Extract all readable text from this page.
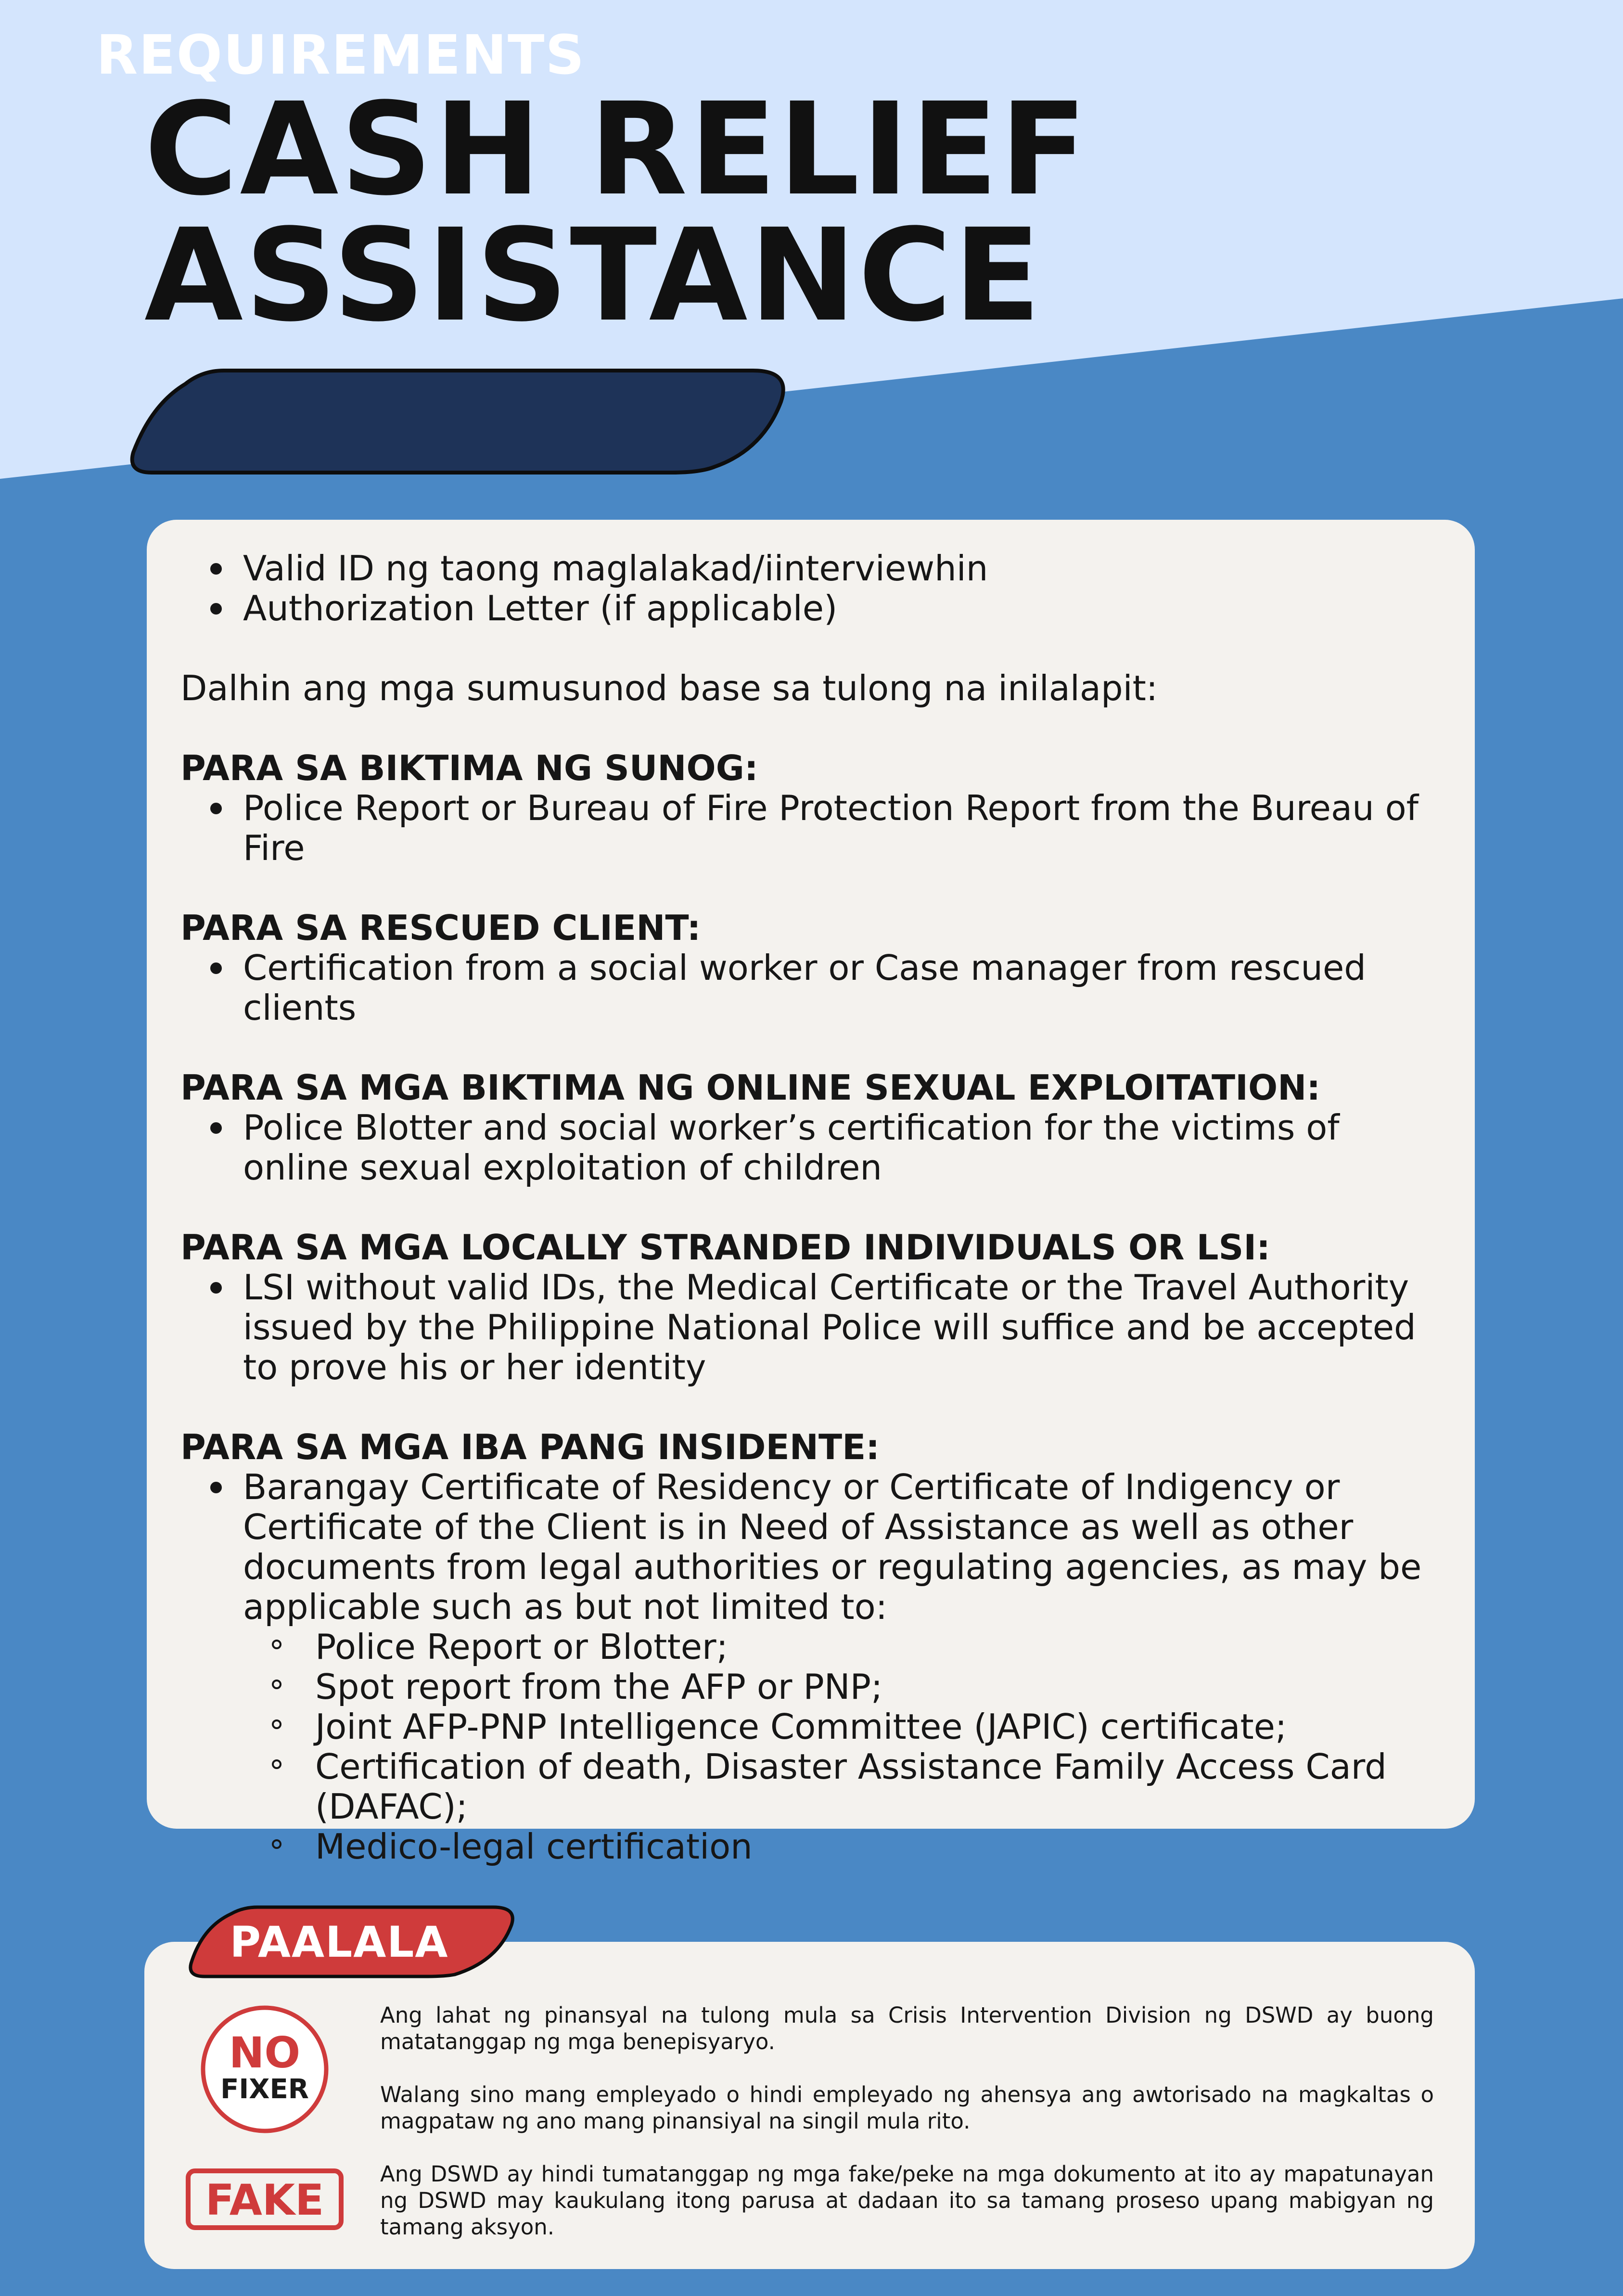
CASH RELIEF
ASSISTANCE
REQUIREMENTS
Valid ID ng taong maglalakad/iinterviewhin
Authorization Letter (if applicable)
Dalhin ang mga sumusunod base sa tulong na inilalapit:
PARA SA BIKTIMA NG SUNOG:
Police Report or Bureau of Fire Protection Report from the Bureau of Fire
PARA SA RESCUED CLIENT:
Certification from a social worker or Case manager from rescued clients
PARA SA MGA BIKTIMA NG ONLINE SEXUAL EXPLOITATION:
Police Blotter and social worker’s certification for the victims of online sexual exploitation of children
PARA SA MGA LOCALLY STRANDED INDIVIDUALS OR LSI:
LSI without valid IDs, the Medical Certificate or the Travel Authority issued by the Philippine National Police will suffice and be accepted to prove his or her identity
PARA SA MGA IBA PANG INSIDENTE:
Barangay Certificate of Residency or Certificate of Indigency or Certificate of the Client is in Need of Assistance as well as other documents from legal authorities or regulating agencies, as may be applicable such as but not limited to:
Police Report or Blotter;
Spot report from the AFP or PNP;
Joint AFP-PNP Intelligence Committee (JAPIC) certificate;
Certification of death, Disaster Assistance Family Access Card (DAFAC);
Medico-legal certification
PAALALA
NO
FIXER
FAKE

Ang lahat ng pinansyal na tulong mula sa Crisis Intervention Division ng DSWD ay buong matatanggap ng mga benepisyaryo.

Walang sino mang empleyado o hindi empleyado ng ahensya ang awtorisado na magkaltas o magpataw ng ano mang pinansiyal na singil mula rito.

Ang DSWD ay hindi tumatanggap ng mga fake/peke na mga dokumento at ito ay mapatunayan ng DSWD may kaukulang itong parusa at dadaan ito sa tamang proseso upang mabigyan ng tamang aksyon.
